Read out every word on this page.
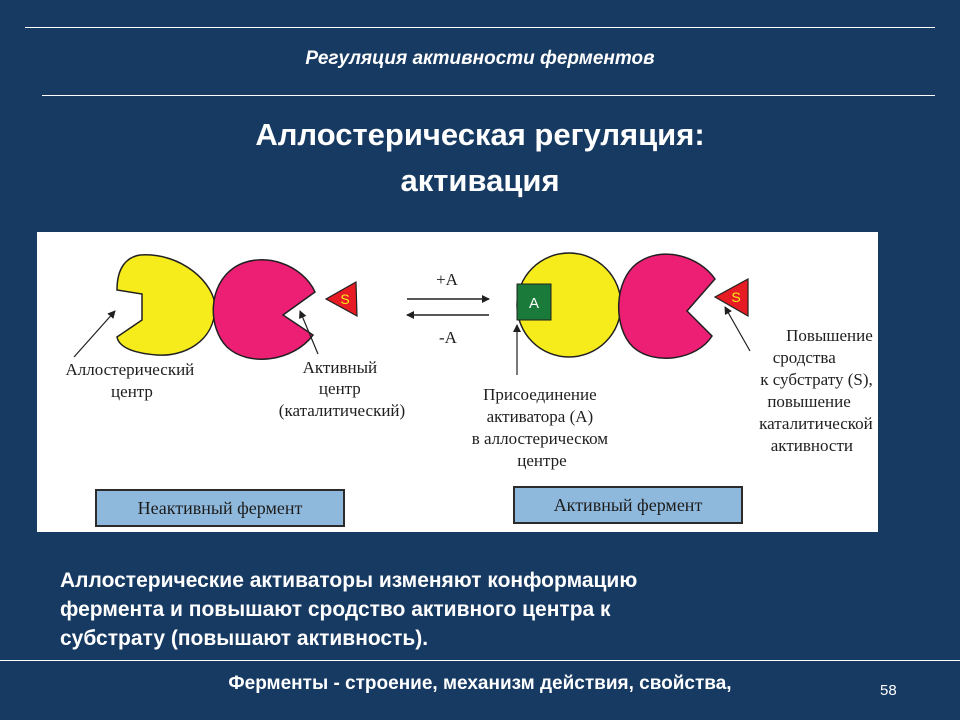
Регуляция активности ферментов
Аллостерическая регуляция:
активация
S
+A
-A
A	S
Аллостерический центр
Активный центр (каталитический)
Присоединение активатора (А) в аллостерическом центре
Повышение сродства к субстрату (S), повышение каталитической активности
Неактивный фермент	Активный фермент
Аллостерические активаторы изменяют конформацию
фермента и повышают сродство активного центра к
субстрату (повышают активность).
Ферменты - строение, механизм действия, свойства,	58
